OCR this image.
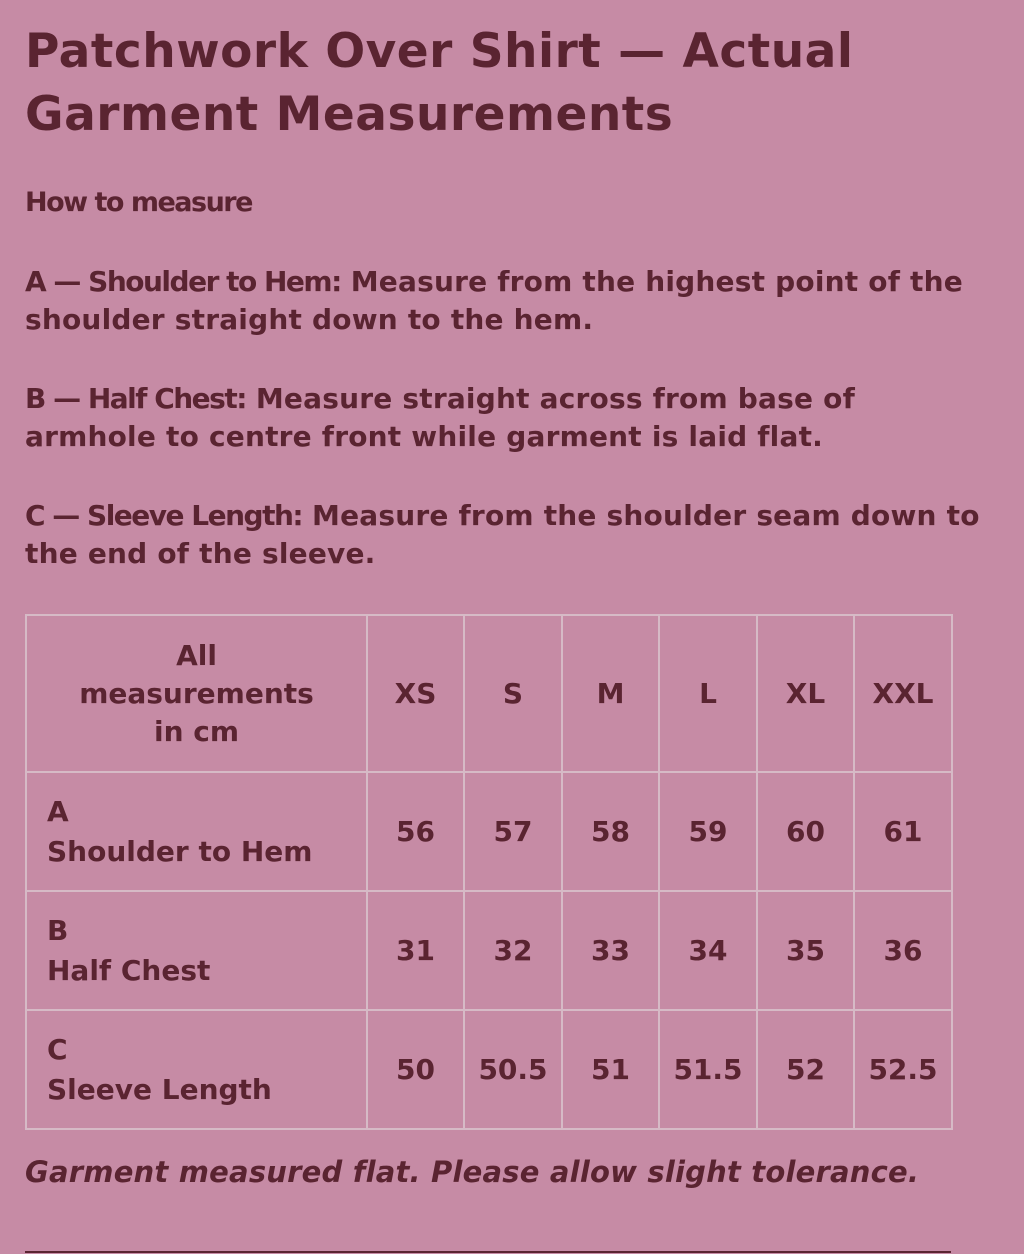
Patchwork Over Shirt — Actual Garment Measurements
How to measure

A — Shoulder to Hem: Measure from the highest point of the shoulder straight down to the hem.

B — Half Chest: Measure straight across from base of armhole to centre front while garment is laid flat.

C — Sleeve Length: Measure from the shoulder seam down to the end of the sleeve.

All measurements in cm	XS	S	M	L	XL	XXL

A
Shoulder to Hem	56	57	58	59	60	61

B
Half Chest	31	32	33	34	35	36

C
Sleeve Length	50	50.5	51	51.5	52	52.5
Garment measured flat. Please allow slight tolerance.
